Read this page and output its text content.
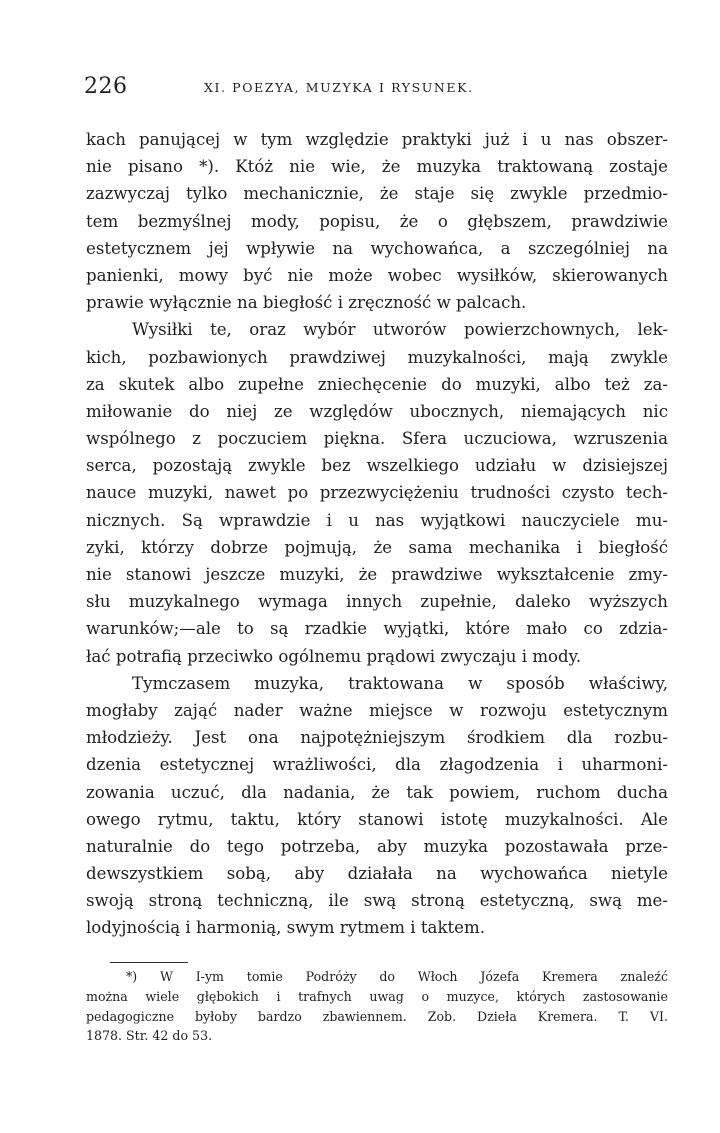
226	XI. POEZYA, MUZYKA I RYSUNEK.
kach panującej w tym względzie praktyki już i u nas obszer-
nie pisano *). Któż nie wie, że muzyka traktowaną zostaje
zazwyczaj tylko mechanicznie, że staje się zwykle przedmio-
tem bezmyślnej mody, popisu, że o głębszem, prawdziwie
estetycznem jej wpływie na wychowańca, a szczególniej na
panienki, mowy być nie może wobec wysiłków, skierowanych
prawie wyłącznie na biegłość i zręczność w palcach.
Wysiłki te, oraz wybór utworów powierzchownych, lek-
kich, pozbawionych prawdziwej muzykalności, mają zwykle
za skutek albo zupełne zniechęcenie do muzyki, albo też za-
miłowanie do niej ze względów ubocznych, niemających nic
wspólnego z poczuciem piękna. Sfera uczuciowa, wzruszenia
serca, pozostają zwykle bez wszelkiego udziału w dzisiejszej
nauce muzyki, nawet po przezwyciężeniu trudności czysto tech-
nicznych. Są wprawdzie i u nas wyjątkowi nauczyciele mu-
zyki, którzy dobrze pojmują, że sama mechanika i biegłość
nie stanowi jeszcze muzyki, że prawdziwe wykształcenie zmy-
słu muzykalnego wymaga innych zupełnie, daleko wyższych
warunków;—ale to są rzadkie wyjątki, które mało co zdzia-
łać potrafią przeciwko ogólnemu prądowi zwyczaju i mody.
Tymczasem muzyka, traktowana w sposób właściwy,
mogłaby zająć nader ważne miejsce w rozwoju estetycznym
młodzieży. Jest ona najpotężniejszym środkiem dla rozbu-
dzenia estetycznej wrażliwości, dla złagodzenia i uharmoni-
zowania uczuć, dla nadania, że tak powiem, ruchom ducha
owego rytmu, taktu, który stanowi istotę muzykalności. Ale
naturalnie do tego potrzeba, aby muzyka pozostawała prze-
dewszystkiem sobą, aby działała na wychowańca nietyle
swoją stroną techniczną, ile swą stroną estetyczną, swą me-
lodyjnością i harmonią, swym rytmem i taktem.
*) W I-ym tomie Podróży do Włoch Józefa Kremera znaleźć
można wiele głębokich i trafnych uwag o muzyce, których zastosowanie
pedagogiczne byłoby bardzo zbawiennem. Zob. Dzieła Kremera. T. VI.
1878. Str. 42 do 53.
